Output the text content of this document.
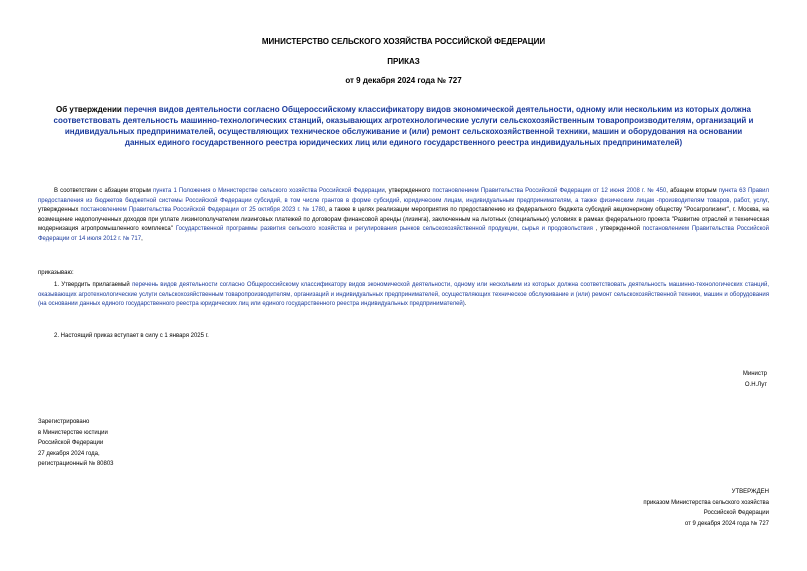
МИНИСТЕРСТВО СЕЛЬСКОГО ХОЗЯЙСТВА РОССИЙСКОЙ ФЕДЕРАЦИИ
ПРИКАЗ
от 9 декабря 2024 года № 727
Об утверждении перечня видов деятельности согласно Общероссийскому классификатору видов экономической деятельности, одному или нескольким из которых должна соответствовать деятельность машинно-технологических станций, оказывающих агротехнологические услуги сельскохозяйственным товаропроизводителям, организаций и индивидуальных предпринимателей, осуществляющих техническое обслуживание и (или) ремонт сельскохозяйственной техники, машин и оборудования на основании данных единого государственного реестра юридических лиц или единого государственного реестра индивидуальных предпринимателей)
В соответствии с абзацем вторым пункта 1 Положения о Министерстве сельского хозяйства Российской Федерации, утвержденного постановлением Правительства Российской Федерации от 12 июня 2008 г. № 450, абзацем вторым пункта 63 Правил предоставления из бюджетов бюджетной системы Российской Федерации субсидий, в том числе грантов в форме субсидий, юридическим лицам, индивидуальным предпринимателям, а также физическим лицам -производителям товаров, работ, услуг, утвержденных постановлением Правительства Российской Федерации от 25 октября 2023 г. № 1780, а также в целях реализации мероприятия по предоставлению из федерального бюджета субсидий акционерному обществу "Росагролизинг", г. Москва, на возмещение недополученных доходов при уплате лизингополучателем лизинговых платежей по договорам финансовой аренды (лизинга), заключенным на льготных (специальных) условиях в рамках федерального проекта "Развитие отраслей и техническая модернизация агропромышленного комплекса" Государственной программы развития сельского хозяйства и регулирования рынков сельскохозяйственной продукции, сырья и продовольствия , утвержденной постановлением Правительства Российской Федерации от 14 июля 2012 г. № 717,
приказываю:
1. Утвердить прилагаемый перечень видов деятельности согласно Общероссийскому классификатору видов экономической деятельности, одному или нескольким из которых должна соответствовать деятельность машинно-технологических станций, оказывающих агротехнологические услуги сельскохозяйственным товаропроизводителям, организаций и индивидуальных предпринимателей, осуществляющих техническое обслуживание и (или) ремонт сельскохозяйственной техники, машин и оборудования (на основании данных единого государственного реестра юридических лиц или единого государственного реестра индивидуальных предпринимателей).
2. Настоящий приказ вступает в силу с 1 января 2025 г.
Министр
О.Н.Лут
Зарегистрировано
в Министерстве юстиции
Российской Федерации
27 декабря 2024 года,
регистрационный № 80803
УТВЕРЖДЕН
приказом Министерства сельского хозяйства
Российской Федерации
от 9 декабря 2024 года № 727
